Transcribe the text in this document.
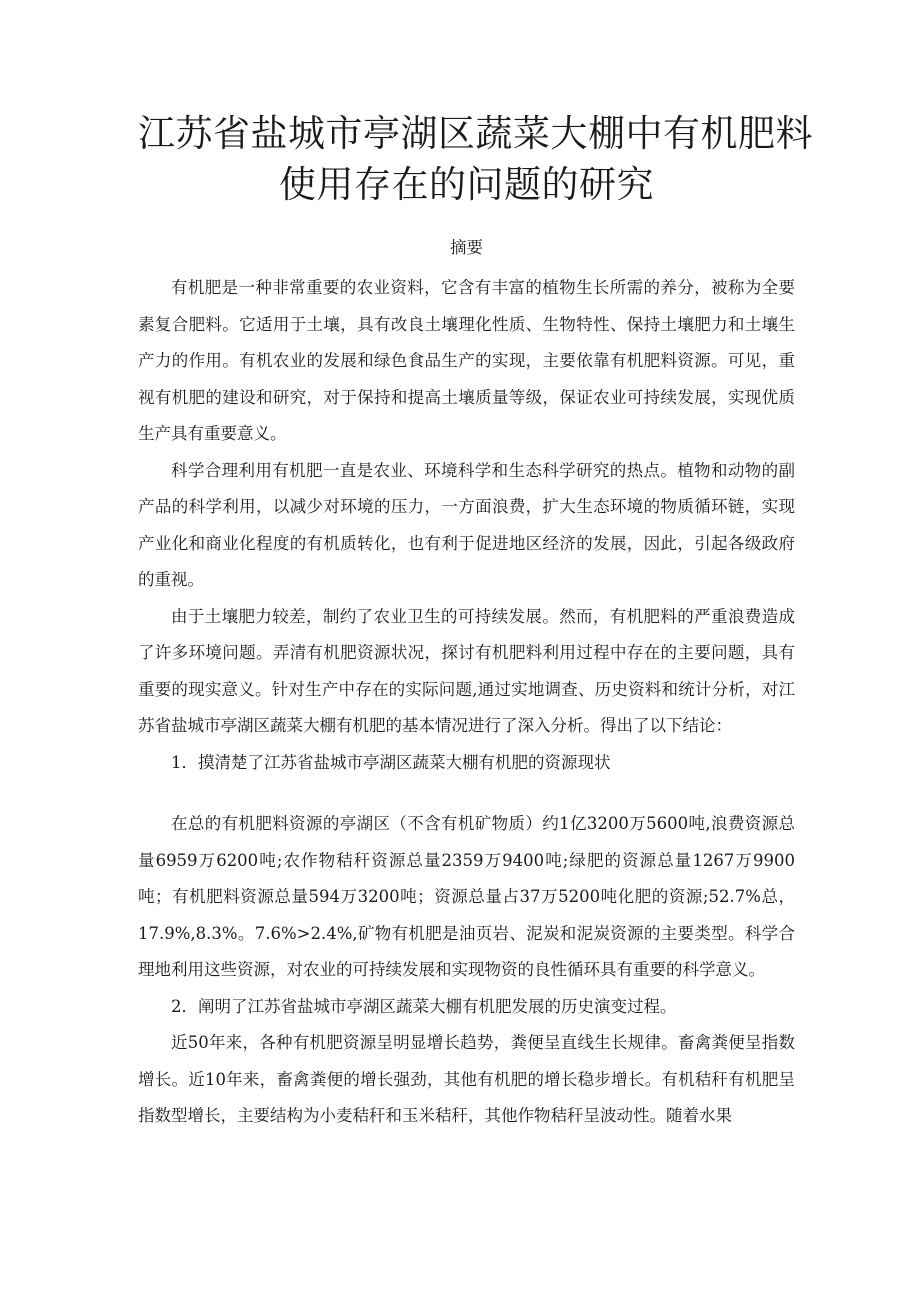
江苏省盐城市亭湖区蔬菜大棚中有机肥料
使用存在的问题的研究
摘要

有机肥是一种非常重要的农业资料，它含有丰富的植物生长所需的养分，被称为全要素复合肥料。它适用于土壤，具有改良土壤理化性质、生物特性、保持土壤肥力和土壤生产力的作用。有机农业的发展和绿色食品生产的实现，主要依靠有机肥料资源。可见，重视有机肥的建设和研究，对于保持和提高土壤质量等级，保证农业可持续发展，实现优质生产具有重要意义。

科学合理利用有机肥一直是农业、环境科学和生态科学研究的热点。植物和动物的副产品的科学利用，以减少对环境的压力，一方面浪费，扩大生态环境的物质循环链，实现产业化和商业化程度的有机质转化，也有利于促进地区经济的发展，因此，引起各级政府的重视。

由于土壤肥力较差，制约了农业卫生的可持续发展。然而，有机肥料的严重浪费造成了许多环境问题。弄清有机肥资源状况，探讨有机肥料利用过程中存在的主要问题，具有重要的现实意义。针对生产中存在的实际问题,通过实地调查、历史资料和统计分析，对江苏省盐城市亭湖区蔬菜大棚有机肥的基本情况进行了深入分析。得出了以下结论：

1．摸清楚了江苏省盐城市亭湖区蔬菜大棚有机肥的资源现状

在总的有机肥料资源的亭湖区（不含有机矿物质）约1亿3200万5600吨,浪费资源总量6959万6200吨;农作物秸秆资源总量2359万9400吨;绿肥的资源总量1267万9900吨；有机肥料资源总量594万3200吨；资源总量占37万5200吨化肥的资源;52.7%总，17.9%,8.3%。7.6%>2.4%,矿物有机肥是油页岩、泥炭和泥炭资源的主要类型。科学合理地利用这些资源，对农业的可持续发展和实现物资的良性循环具有重要的科学意义。

2．阐明了江苏省盐城市亭湖区蔬菜大棚有机肥发展的历史演变过程。

近50年来，各种有机肥资源呈明显增长趋势，粪便呈直线生长规律。畜禽粪便呈指数增长。近10年来，畜禽粪便的增长强劲，其他有机肥的增长稳步增长。有机秸秆有机肥呈指数型增长，主要结构为小麦秸秆和玉米秸秆，其他作物秸秆呈波动性。随着水果
